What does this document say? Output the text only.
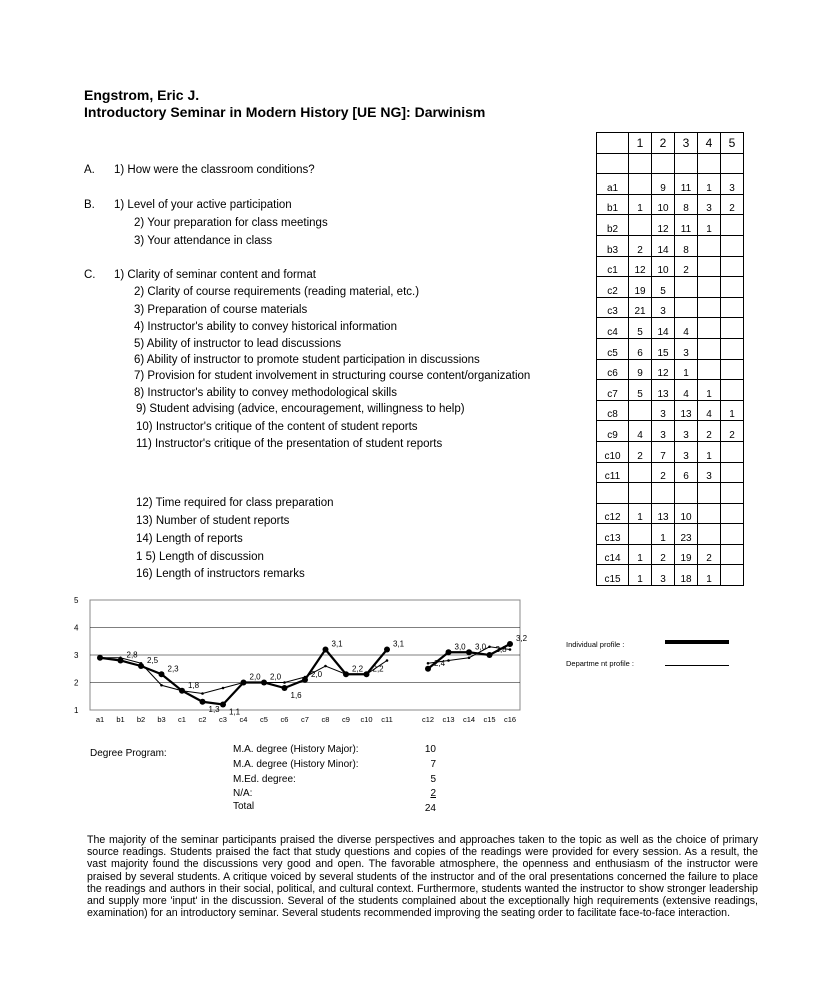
Engstrom, Eric J.
Introductory Seminar in Modern History [UE NG]: Darwinism
A. 1) How were the classroom conditions?
B. 1) Level of your active participation
2) Your preparation for class meetings
3) Your attendance in class
C. 1) Clarity of seminar content and format
2) Clarity of course requirements (reading material, etc.)
3) Preparation of course materials
4) Instructor's ability to convey historical information
5) Ability of instructor to lead discussions
6) Ability of instructor to promote student participation in discussions
7) Provision for student involvement in structuring course content/organization
8) Instructor's ability to convey methodological skills
9) Student advising (advice, encouragement, willingness to help)
10) Instructor's critique of the content of student reports
11) Instructor's critique of the presentation of student reports
12) Time required for class preparation
13) Number of student reports
14) Length of reports
1 5) Length of discussion
16) Length of instructors remarks
	1	2	3	4	5

a1		9	11	1	3
b1	1	10	8	3	2
b2		12	11	1	
b3	2	14	8		
c1	12	10	2		
c2	19	5			
c3	21	3			
c4	5	14	4		
c5	6	15	3		
c6	9	12	1		
c7	5	13	4	1	
c8		3	13	4	1
c9	4	3	3	2	2
c10	2	7	3	1	
c11		2	6	3	

c12	1	13	10		
c13		1	23		
c14	1	2	19	2	
c15	1	3	18	1	
1
2
3
4
5
a1 b1 b2 b3 c1 c2 c3 c4 c5 c6 c7 c8 c9 c10 c11	c12 c13 c14 c15 c16
2,8
2,5
2,3
1,8
1,3 1,1
2,0 2,0
1,6
2,0
3,1
2,2 2,2
3,1
2,4
3,0 3,0 2,8
3,2
Individual profile :
Departme nt profile :
Degree Program:	M.A. degree (History Major):	10
M.A. degree (History Minor):	7
M.Ed. degree:	5
N/A:	2
Total	24
The majority of the seminar participants praised the diverse perspectives and approaches taken to the topic as well as the choice of primary source readings. Students praised the fact that study questions and copies of the readings were provided for every session. As a result, the vast majority found the discussions very good and open. The favorable atmosphere, the openness and enthusiasm of the instructor were praised by several students. A critique voiced by several students of the instructor and of the oral presentations concerned the failure to place the readings and authors in their social, political, and cultural context. Furthermore, students wanted the instructor to show stronger leadership and supply more 'input' in the discussion. Several of the students complained about the exceptionally high requirements (extensive readings, examination) for an introductory seminar. Several students recommended improving the seating order to facilitate face-to-face interaction.
